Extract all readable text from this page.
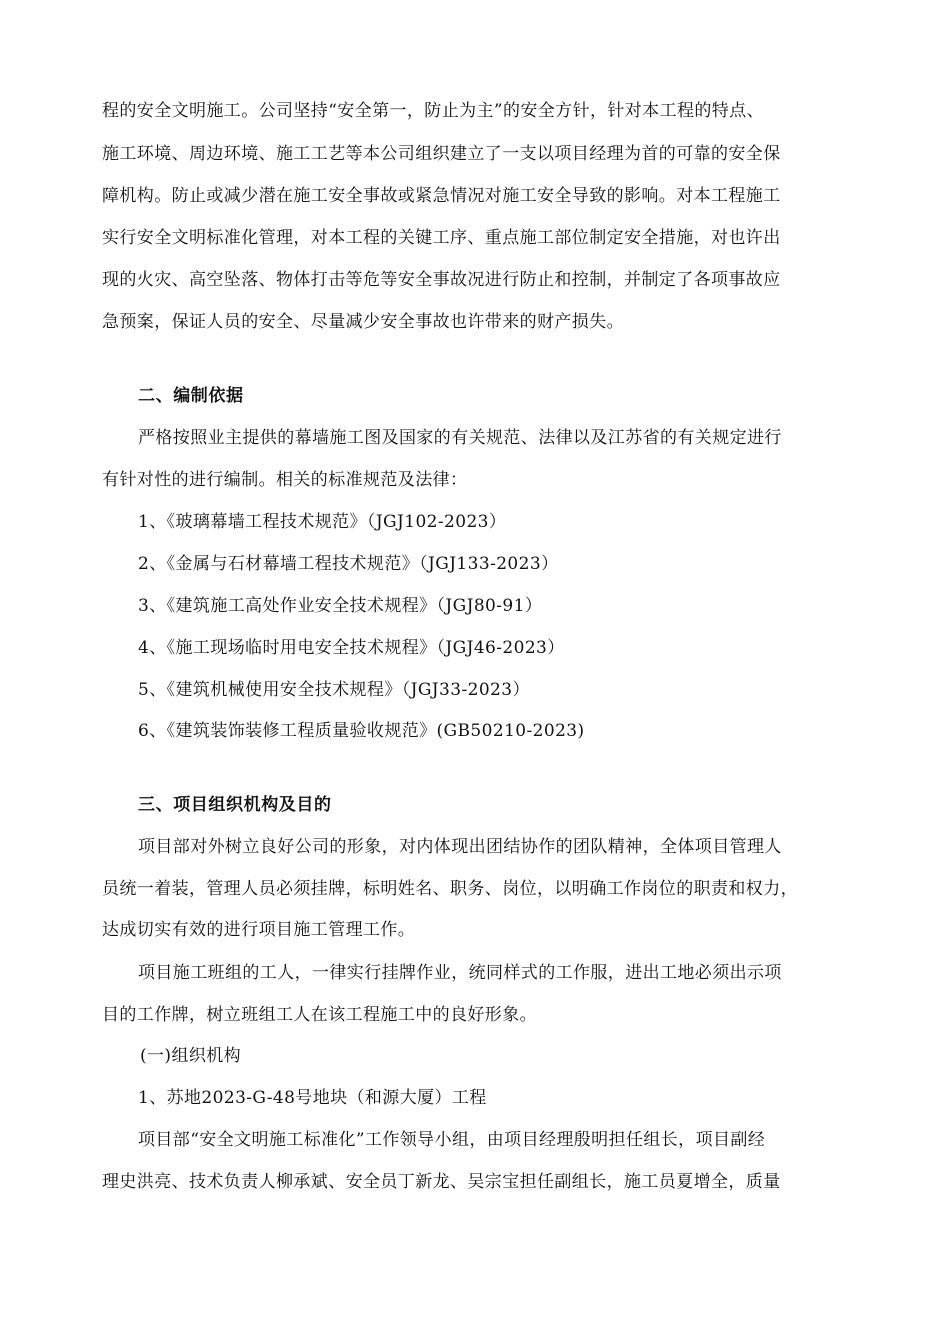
程的安全文明施工。公司坚持“安全第一，防止为主”的安全方针，针对本工程的特点、
施工环境、周边环境、施工工艺等本公司组织建立了一支以项目经理为首的可靠的安全保
障机构。防止或减少潜在施工安全事故或紧急情况对施工安全导致的影响。对本工程施工
实行安全文明标准化管理，对本工程的关键工序、重点施工部位制定安全措施，对也许出
现的火灾、高空坠落、物体打击等危等安全事故况进行防止和控制，并制定了各项事故应
急预案，保证人员的安全、尽量减少安全事故也许带来的财产损失。
二、编制依据
严格按照业主提供的幕墙施工图及国家的有关规范、法律以及江苏省的有关规定进行
有针对性的进行编制。相关的标准规范及法律：
1、《玻璃幕墙工程技术规范》（JGJ102-2023）
2、《金属与石材幕墙工程技术规范》（JGJ133-2023）
3、《建筑施工高处作业安全技术规程》（JGJ80-91）
4、《施工现场临时用电安全技术规程》（JGJ46-2023）
5、《建筑机械使用安全技术规程》（JGJ33-2023）
6、《建筑装饰装修工程质量验收规范》(GB50210-2023)
三、项目组织机构及目的
项目部对外树立良好公司的形象，对内体现出团结协作的团队精神，全体项目管理人
员统一着装，管理人员必须挂牌，标明姓名、职务、岗位，以明确工作岗位的职责和权力，
达成切实有效的进行项目施工管理工作。
项目施工班组的工人，一律实行挂牌作业，统同样式的工作服，进出工地必须出示项
目的工作牌，树立班组工人在该工程施工中的良好形象。
(一)组织机构
1、苏地2023-G-48号地块（和源大厦）工程
项目部“安全文明施工标准化”工作领导小组，由项目经理殷明担任组长，项目副经
理史洪亮、技术负责人柳承斌、安全员丁新龙、吴宗宝担任副组长，施工员夏增全，质量
